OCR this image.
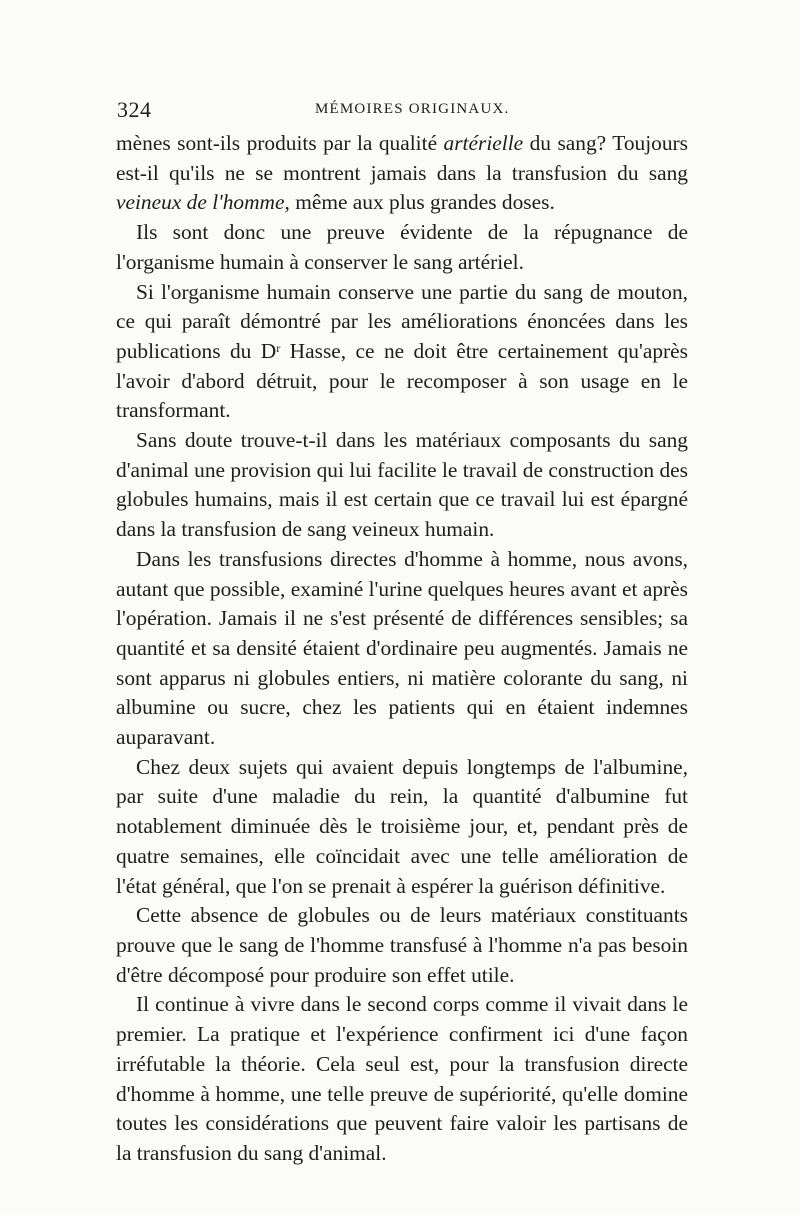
324	MÉMOIRES ORIGINAUX.

mènes sont-ils produits par la qualité artérielle du sang? Toujours est-il qu'ils ne se montrent jamais dans la transfusion du sang veineux de l'homme, même aux plus grandes doses.

Ils sont donc une preuve évidente de la répugnance de l'organisme humain à conserver le sang artériel.

Si l'organisme humain conserve une partie du sang de mouton, ce qui paraît démontré par les améliorations énoncées dans les publications du $D^r$ Hasse, ce ne doit être certainement qu'après l'avoir d'abord détruit, pour le recomposer à son usage en le transformant.

Sans doute trouve-t-il dans les matériaux composants du sang d'animal une provision qui lui facilite le travail de construction des globules humains, mais il est certain que ce travail lui est épargné dans la transfusion de sang veineux humain.

Dans les transfusions directes d'homme à homme, nous avons, autant que possible, examiné l'urine quelques heures avant et après l'opération. Jamais il ne s'est présenté de différences sensibles; sa quantité et sa densité étaient d'ordinaire peu augmentés. Jamais ne sont apparus ni globules entiers, ni matière colorante du sang, ni albumine ou sucre, chez les patients qui en étaient indemnes auparavant.

Chez deux sujets qui avaient depuis longtemps de l'albumine, par suite d'une maladie du rein, la quantité d'albumine fut notablement diminuée dès le troisième jour, et, pendant près de quatre semaines, elle coïncidait avec une telle amélioration de l'état général, que l'on se prenait à espérer la guérison définitive.

Cette absence de globules ou de leurs matériaux constituants prouve que le sang de l'homme transfusé à l'homme n'a pas besoin d'être décomposé pour produire son effet utile.

Il continue à vivre dans le second corps comme il vivait dans le premier. La pratique et l'expérience confirment ici d'une façon irréfutable la théorie. Cela seul est, pour la transfusion directe d'homme à homme, une telle preuve de supériorité, qu'elle domine toutes les considérations que peuvent faire valoir les partisans de la transfusion du sang d'animal.
